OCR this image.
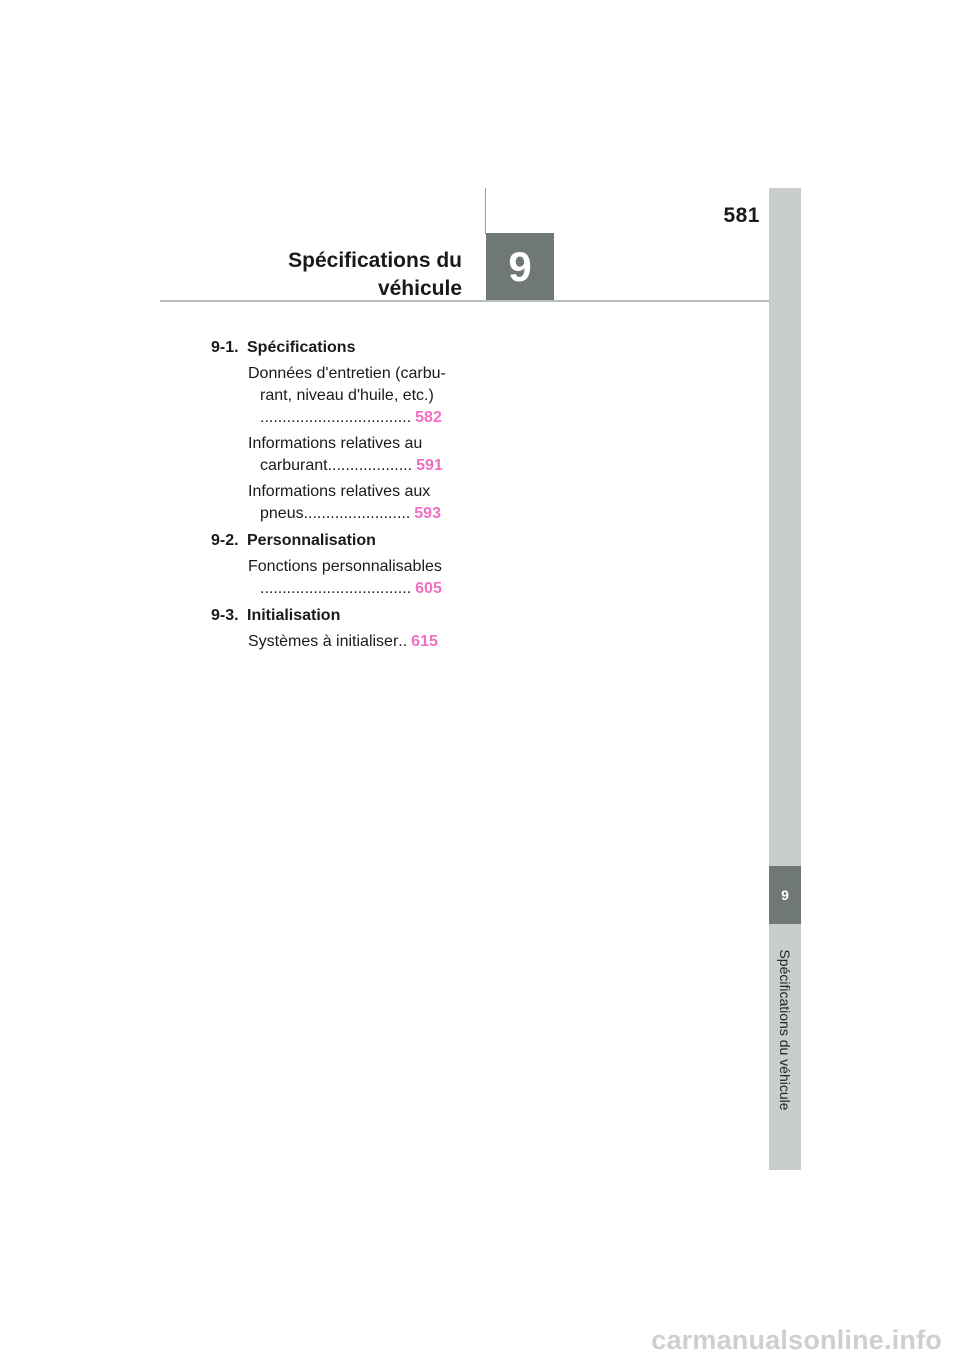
581
Spécifications du
véhicule	9
9
Spécifications du véhicule
9-1. Spécifications
Données d'entretien (carbu-
rant, niveau d'huile, etc.)
.................................. 582
Informations relatives au
carburant ................... 591
Informations relatives aux
pneus ........................ 593
9-2. Personnalisation
Fonctions personnalisables
.................................. 605
9-3. Initialisation
Systèmes à initialiser .. 615
carmanualsonline.info
